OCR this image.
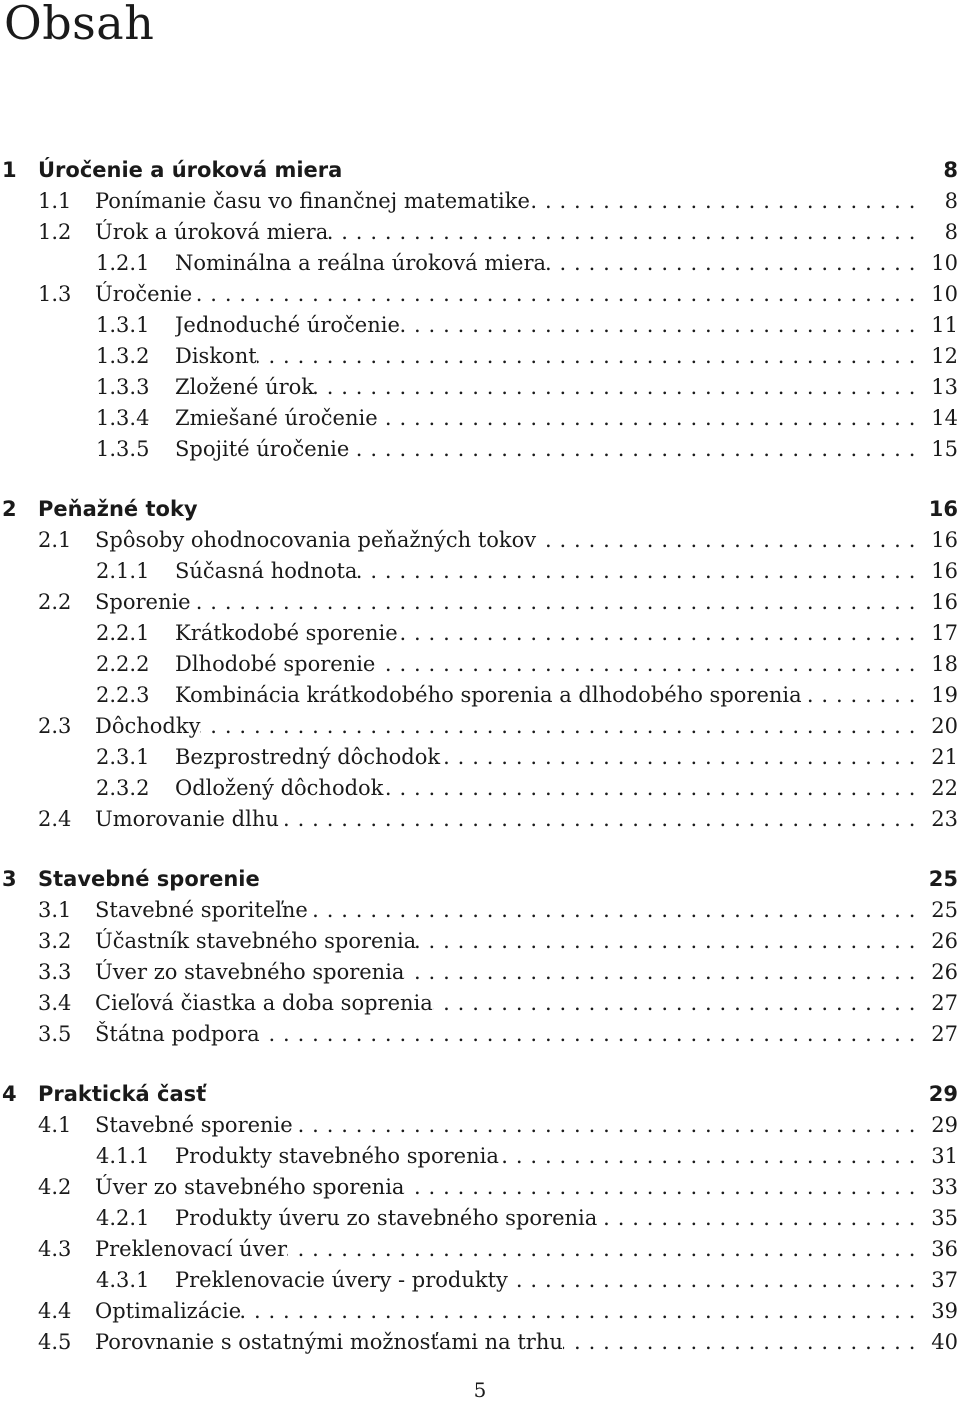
Obsah
1 Úročenie a úroková miera	8
1.1 Ponímanie času vo finančnej matematike . . .	8
1.2 Úrok a úroková miera . . .	8
1.2.1 Nominálna a reálna úroková miera . . .	10
1.3 Úročenie . . .	10
1.3.1 Jednoduché úročenie . . .	11
1.3.2 Diskont . . .	12
1.3.3 Zložené úrok . . .	13
1.3.4 Zmiešané úročenie . . .	14
1.3.5 Spojité úročenie . . .	15
2 Peňažné toky	16
2.1 Spôsoby ohodnocovania peňažných tokov . . .	16
2.1.1 Súčasná hodnota . . .	16
2.2 Sporenie . . .	16
2.2.1 Krátkodobé sporenie . . .	17
2.2.2 Dlhodobé sporenie . . .	18
2.2.3 Kombinácia krátkodobého sporenia a dlhodobého sporenia . . .	19
2.3 Dôchodky . . .	20
2.3.1 Bezprostredný dôchodok . . .	21
2.3.2 Odložený dôchodok . . .	22
2.4 Umorovanie dlhu . . .	23
3 Stavebné sporenie	25
3.1 Stavebné sporiteľne . . .	25
3.2 Účastník stavebného sporenia . . .	26
3.3 Úver zo stavebného sporenia . . .	26
3.4 Cieľová čiastka a doba soprenia . . .	27
3.5 Štátna podpora . . .	27
4 Praktická časť	29
4.1 Stavebné sporenie . . .	29
4.1.1 Produkty stavebného sporenia . . .	31
4.2 Úver zo stavebného sporenia . . .	33
4.2.1 Produkty úveru zo stavebného sporenia . . .	35
4.3 Preklenovací úver . . .	36
4.3.1 Preklenovacie úvery - produkty . . .	37
4.4 Optimalizácie . . .	39
4.5 Porovnanie s ostatnými možnosťami na trhu . . .	40
5
